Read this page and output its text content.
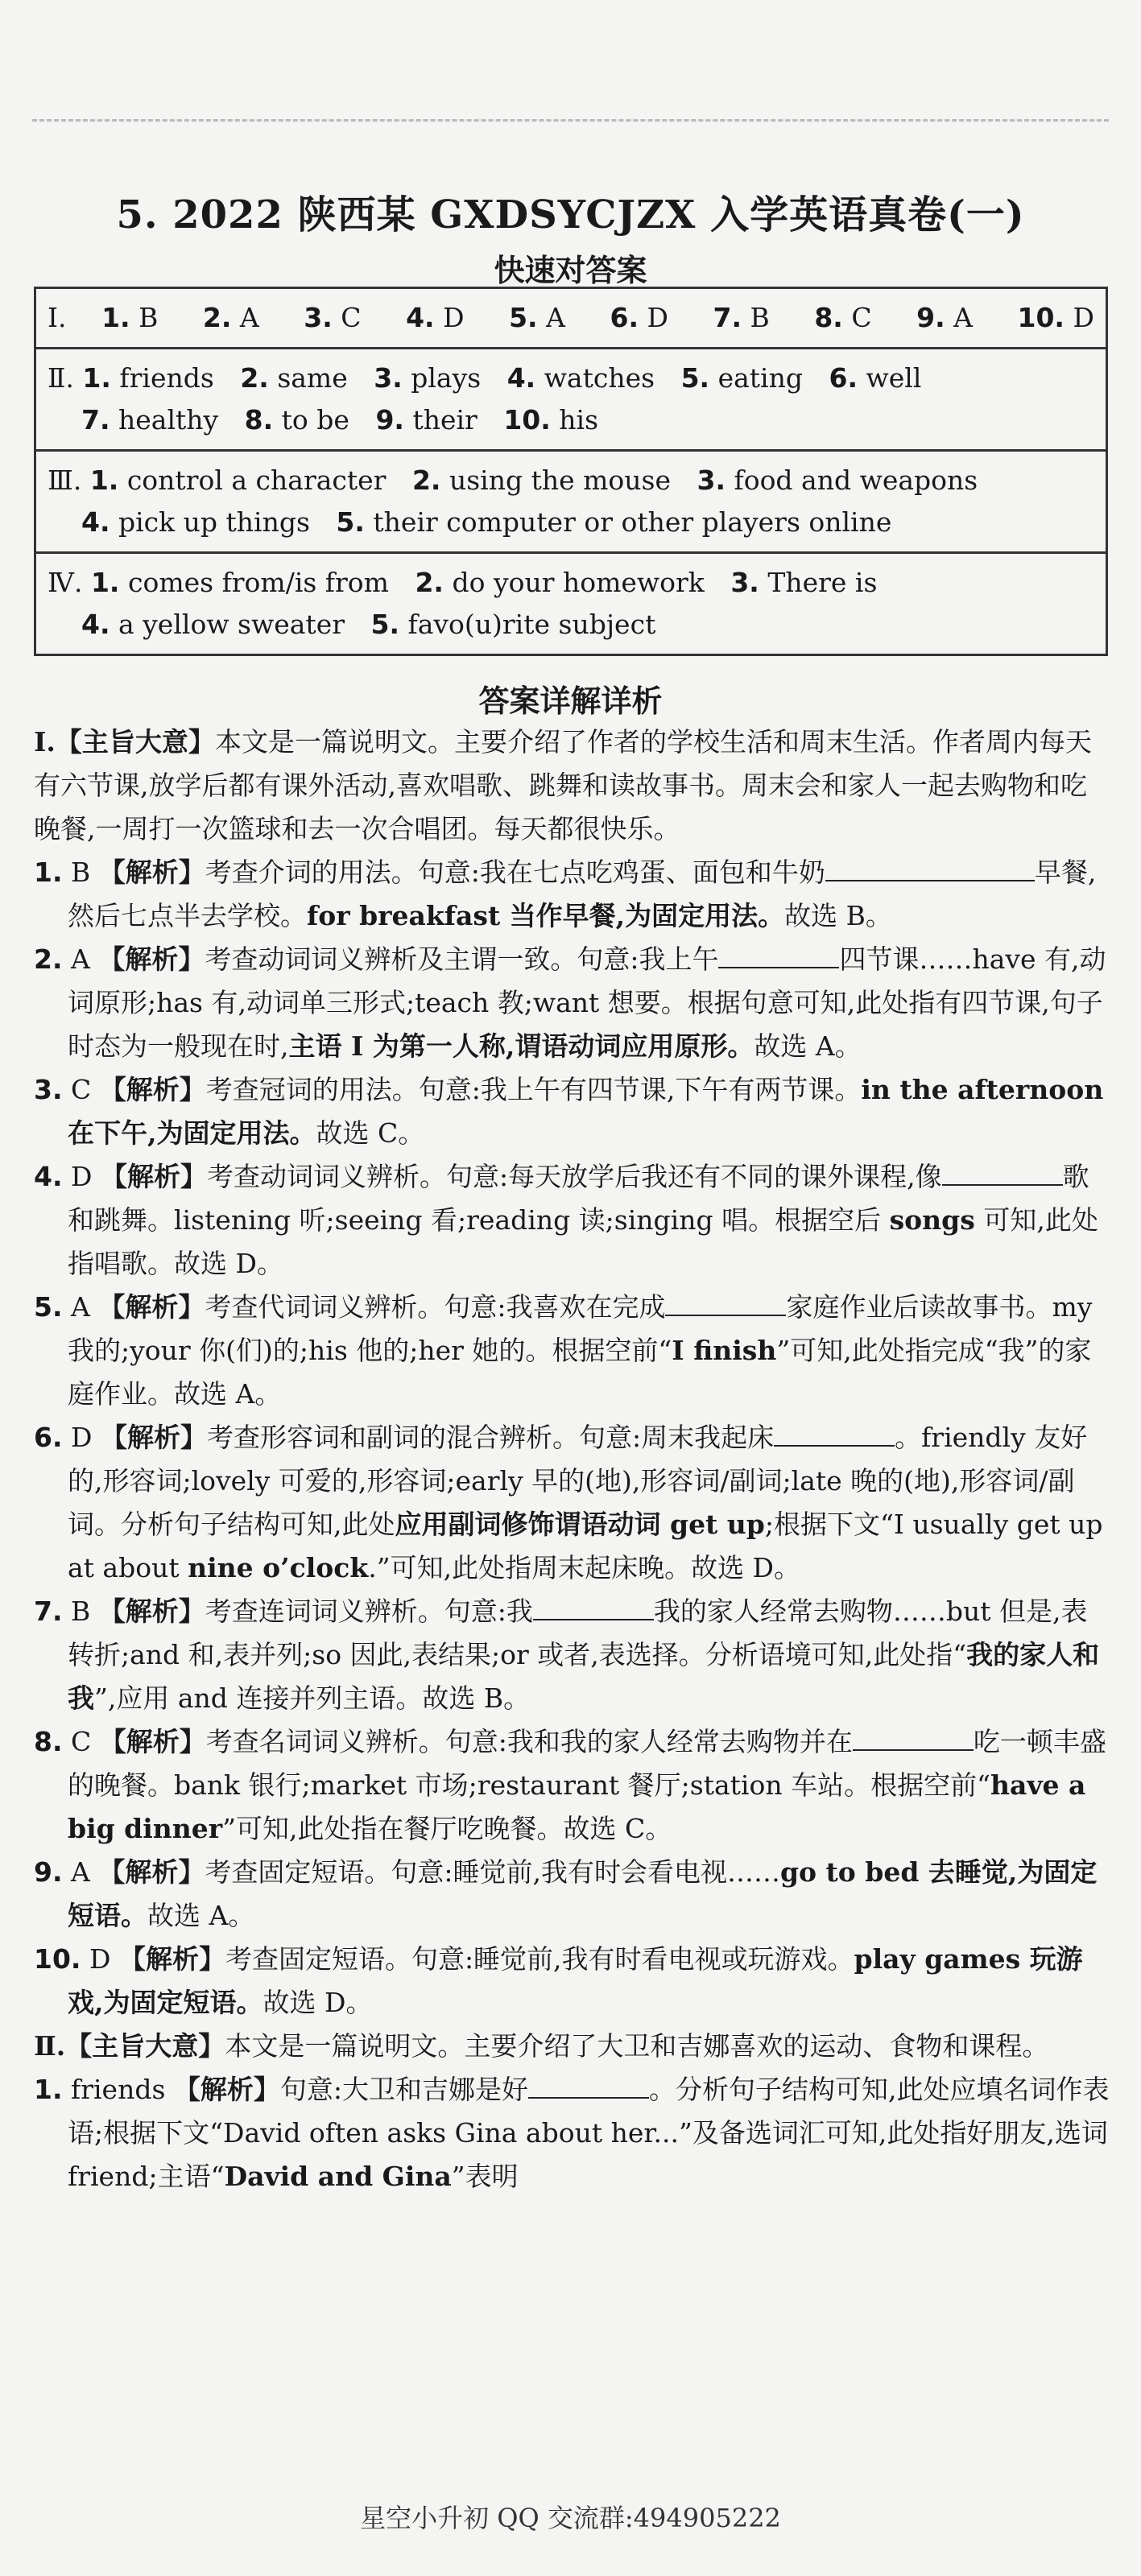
5. 2022 陕西某 GXDSYCJZX 入学英语真卷(一)
快速对答案
Ⅰ. 1. B 2. A 3. C 4. D 5. A 6. D 7. B 8. C 9. A 10. D

Ⅱ. 1. friends 2. same 3. plays 4. watches 5. eating 6. well
7. healthy 8. to be 9. their 10. his

Ⅲ. 1. control a character 2. using the mouse 3. food and weapons
4. pick up things 5. their computer or other players online

Ⅳ. 1. comes from/is from 2. do your homework 3. There is
4. a yellow sweater 5. favo(u)rite subject
答案详解详析

Ⅰ.【主旨大意】本文是一篇说明文。主要介绍了作者的学校生活和周末生活。作者周内每天有六节课,放学后都有课外活动,喜欢唱歌、跳舞和读故事书。周末会和家人一起去购物和吃晚餐,一周打一次篮球和去一次合唱团。每天都很快乐。

1. B 【解析】考查介词的用法。句意:我在七点吃鸡蛋、面包和牛奶	早餐,然后七点半去学校。for breakfast 当作早餐,为固定用法。故选 B。

2. A 【解析】考查动词词义辨析及主谓一致。句意:我上午	四节课……have 有,动词原形;has 有,动词单三形式;teach 教;want 想要。根据句意可知,此处指有四节课,句子时态为一般现在时,主语 I 为第一人称,谓语动词应用原形。故选 A。

3. C 【解析】考查冠词的用法。句意:我上午有四节课,下午有两节课。in the afternoon 在下午,为固定用法。故选 C。

4. D 【解析】考查动词词义辨析。句意:每天放学后我还有不同的课外课程,像	歌和跳舞。listening 听;seeing 看;reading 读;singing 唱。根据空后 songs 可知,此处指唱歌。故选 D。

5. A 【解析】考查代词词义辨析。句意:我喜欢在完成	家庭作业后读故事书。my 我的;your 你(们)的;his 他的;her 她的。根据空前“I finish”可知,此处指完成“我”的家庭作业。故选 A。

6. D 【解析】考查形容词和副词的混合辨析。句意:周末我起床	。friendly 友好的,形容词;lovely 可爱的,形容词;early 早的(地),形容词/副词;late 晚的(地),形容词/副词。分析句子结构可知,此处应用副词修饰谓语动词 get up;根据下文“I usually get up at about nine o’clock.”可知,此处指周末起床晚。故选 D。

7. B 【解析】考查连词词义辨析。句意:我	我的家人经常去购物……but 但是,表转折;and 和,表并列;so 因此,表结果;or 或者,表选择。分析语境可知,此处指“我的家人和我”,应用 and 连接并列主语。故选 B。

8. C 【解析】考查名词词义辨析。句意:我和我的家人经常去购物并在	吃一顿丰盛的晚餐。bank 银行;market 市场;restaurant 餐厅;station 车站。根据空前“have a big dinner”可知,此处指在餐厅吃晚餐。故选 C。

9. A 【解析】考查固定短语。句意:睡觉前,我有时会看电视……go to bed 去睡觉,为固定短语。故选 A。

10. D 【解析】考查固定短语。句意:睡觉前,我有时看电视或玩游戏。play games 玩游戏,为固定短语。故选 D。

Ⅱ.【主旨大意】本文是一篇说明文。主要介绍了大卫和吉娜喜欢的运动、食物和课程。

1. friends 【解析】句意:大卫和吉娜是好	。分析句子结构可知,此处应填名词作表语;根据下文“David often asks Gina about her...”及备选词汇可知,此处指好朋友,选词 friend;主语“David and Gina”表明

星空小升初 QQ 交流群:494905222
